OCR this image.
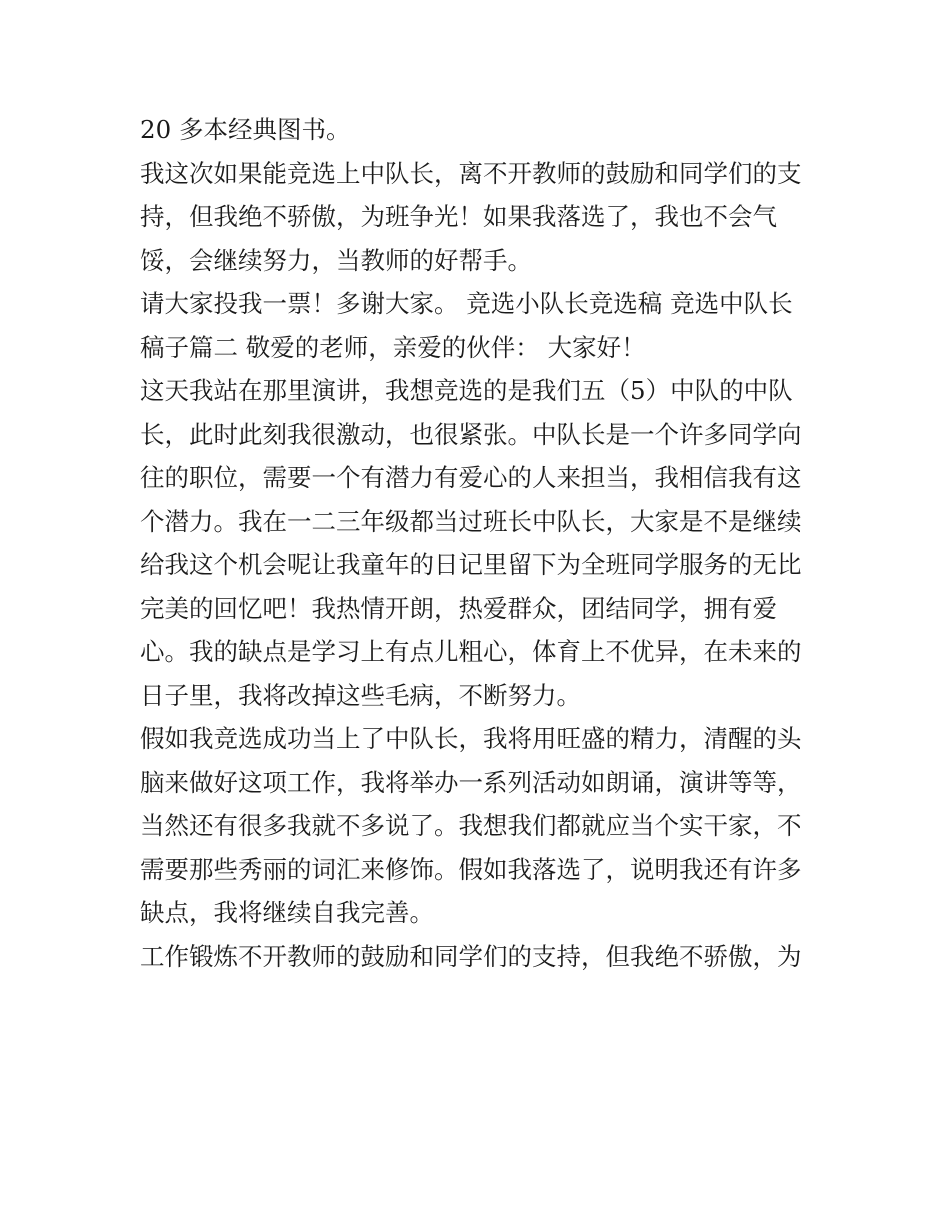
20 多本经典图书。
我这次如果能竞选上中队长，离不开教师的鼓励和同学们的支
持，但我绝不骄傲，为班争光！如果我落选了，我也不会气
馁，会继续努力，当教师的好帮手。
请大家投我一票！多谢大家。 竞选小队长竞选稿 竞选中队长
稿子篇二 敬爱的老师，亲爱的伙伴： 大家好！
这天我站在那里演讲，我想竞选的是我们五（5）中队的中队
长，此时此刻我很激动，也很紧张。中队长是一个许多同学向
往的职位，需要一个有潜力有爱心的人来担当，我相信我有这
个潜力。我在一二三年级都当过班长中队长，大家是不是继续
给我这个机会呢让我童年的日记里留下为全班同学服务的无比
完美的回忆吧！我热情开朗，热爱群众，团结同学，拥有爱
心。我的缺点是学习上有点儿粗心，体育上不优异，在未来的
日子里，我将改掉这些毛病，不断努力。
假如我竞选成功当上了中队长，我将用旺盛的精力，清醒的头
脑来做好这项工作，我将举办一系列活动如朗诵，演讲等等，
当然还有很多我就不多说了。我想我们都就应当个实干家，不
需要那些秀丽的词汇来修饰。假如我落选了，说明我还有许多
缺点，我将继续自我完善。
工作锻炼不开教师的鼓励和同学们的支持，但我绝不骄傲，为
